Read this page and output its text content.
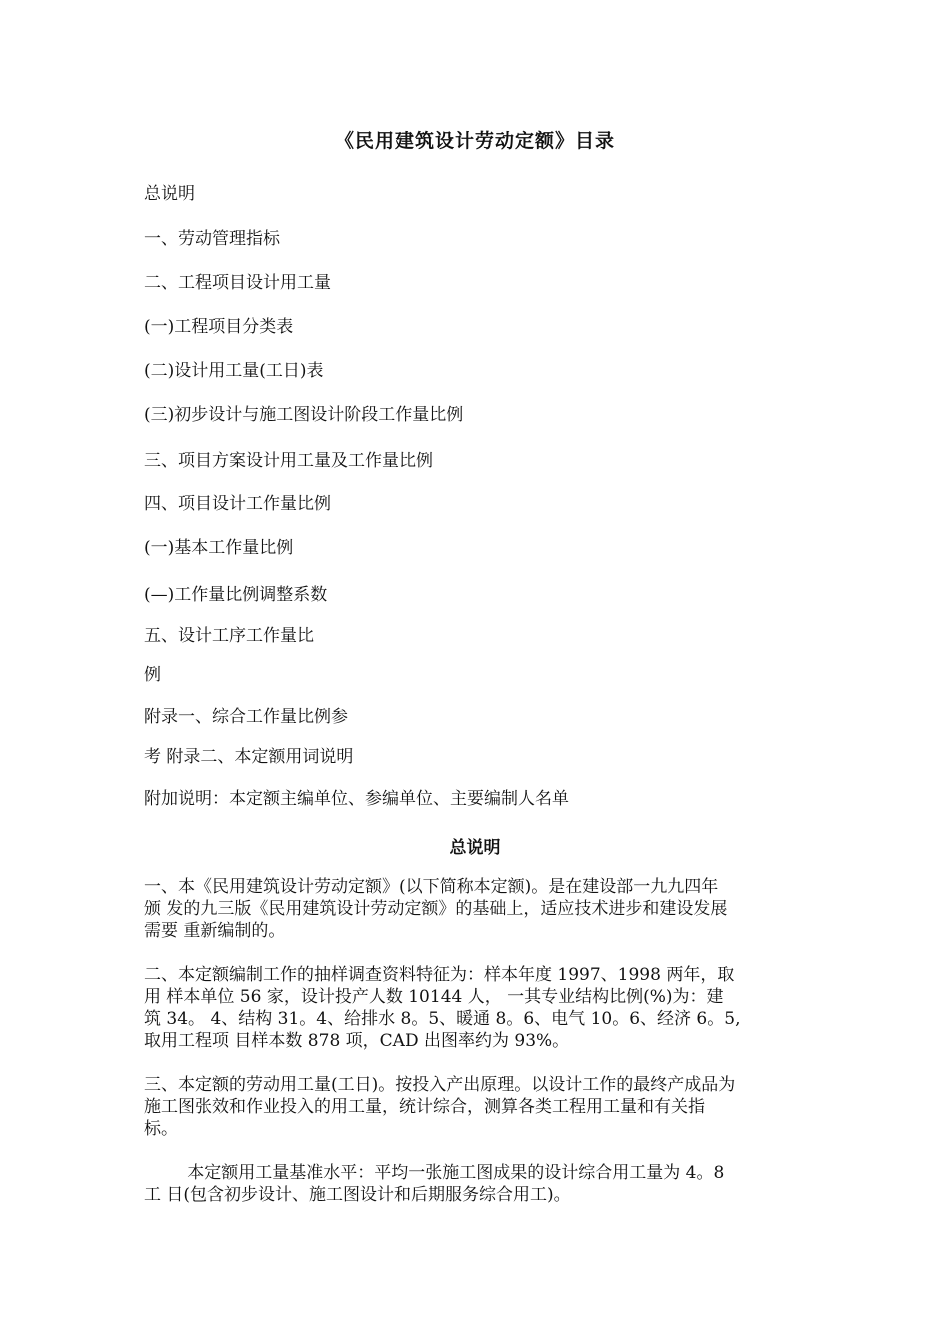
《民用建筑设计劳动定额》目录
总说明
一、劳动管理指标
二、工程项目设计用工量
(一)工程项目分类表
(二)设计用工量(工日)表
(三)初步设计与施工图设计阶段工作量比例
三、项目方案设计用工量及工作量比例
四、项目设计工作量比例
(一)基本工作量比例
(—)工作量比例调整系数
五、设计工序工作量比
例
附录一、综合工作量比例参
考 附录二、本定额用词说明
附加说明：本定额主编单位、参编单位、主要编制人名单
总说明
一、本《民用建筑设计劳动定额》(以下简称本定额)。是在建设部一九九四年
颁 发的九三版《民用建筑设计劳动定额》的基础上，适应技术进步和建设发展
需要 重新编制的。
二、本定额编制工作的抽样调查资料特征为：样本年度 1997、1998 两年，取
用 样本单位 56 家，设计投产人数 10144 人， 一其专业结构比例(%)为：建
筑 34。 4、结构 31。4、给排水 8。5、暖通 8。6、电气 10。6、经济 6。5,
取用工程项 目样本数 878 项，CAD 出图率约为 93%。
三、本定额的劳动用工量(工日)。按投入产出原理。以设计工作的最终产成品为
施工图张效和作业投入的用工量，统计综合，测算各类工程用工量和有关指
标。
本定额用工量基准水平：平均一张施工图成果的设计综合用工量为 4。8
工 日(包含初步设计、施工图设计和后期服务综合用工)。
